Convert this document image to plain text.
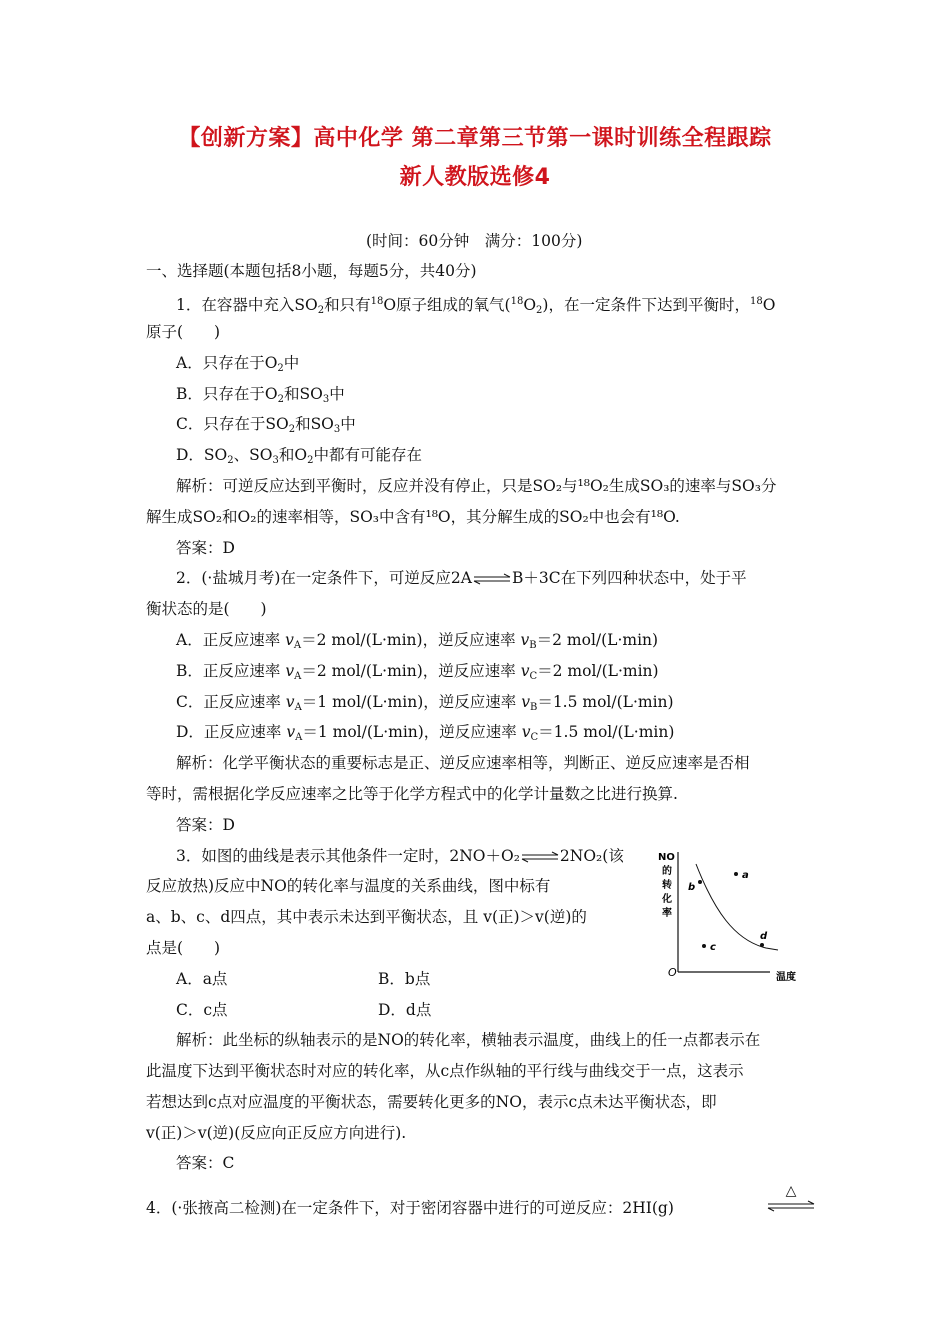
【创新方案】高中化学 第二章第三节第一课时训练全程跟踪
新人教版选修4
(时间：60分钟　满分：100分)
一、选择题(本题包括8小题，每题5分，共40分)
1．在容器中充入$SO_2$和只有$^{18}$O原子组成的氧气$(^{18}O_2)$，在一定条件下达到平衡时，$^{18}$O
原子(　　)
A．只存在于$O_2$中
B．只存在于$O_2$和$SO_3$中
C．只存在于$SO_2$和$SO_3$中
D．$SO_2$、$SO_3$和$O_2$中都有可能存在
解析：可逆反应达到平衡时，反应并没有停止，只是SO₂与¹⁸O₂生成SO₃的速率与SO₃分
解生成SO₂和O₂的速率相等，SO₃中含有¹⁸O，其分解生成的SO₂中也会有¹⁸O.
答案：D
2．(·盐城月考)在一定条件下，可逆反应2A⇌B＋3C在下列四种状态中，处于平
衡状态的是(　　)
A．正反应速率 $v_A=2$ mol/(L·min)，逆反应速率 $v_B=2$ mol/(L·min)
B．正反应速率 $v_A=2$ mol/(L·min)，逆反应速率 $v_C=2$ mol/(L·min)
C．正反应速率 $v_A=1$ mol/(L·min)，逆反应速率 $v_B=1.5$ mol/(L·min)
D．正反应速率 $v_A=1$ mol/(L·min)，逆反应速率 $v_C=1.5$ mol/(L·min)
解析：化学平衡状态的重要标志是正、逆反应速率相等，判断正、逆反应速率是否相
等时，需根据化学反应速率之比等于化学方程式中的化学计量数之比进行换算.
答案：D
3．如图的曲线是表示其他条件一定时，2NO＋O₂⇌2NO₂(该
反应放热)反应中NO的转化率与温度的关系曲线，图中标有
a、b、c、d四点，其中表示未达到平衡状态，且 v(正)＞v(逆)的
点是(　　)
A．a点	B．b点
C．c点	D．d点
解析：此坐标的纵轴表示的是NO的转化率，横轴表示温度，曲线上的任一点都表示在
此温度下达到平衡状态时对应的转化率，从c点作纵轴的平行线与曲线交于一点，这表示
若想达到c点对应温度的平衡状态，需要转化更多的NO，表示c点未达平衡状态，即
v(正)＞v(逆)(反应向正反应方向进行).
答案：C
NO
的
转
化
率
O	温度
a
b
c
d
4．(·张掖高二检测)在一定条件下，对于密闭容器中进行的可逆反应：2HI(g)
△
